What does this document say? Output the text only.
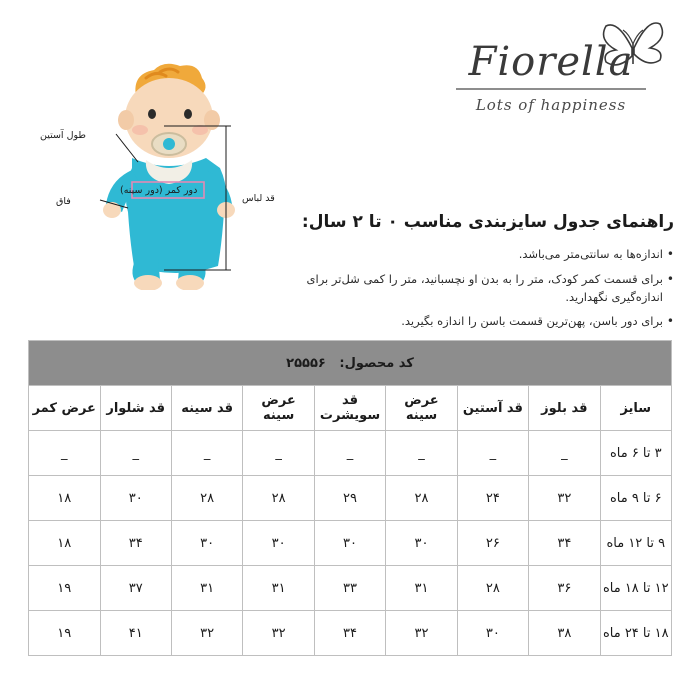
طول آستین
فاق
دور کمر (دور سینه)
قد لباس
Fiorella
Lots of happiness
راهنمای جدول سایزبندی مناسب ۰ تا ۲ سال:
• اندازه‌ها به سانتی‌متر می‌باشد.
• برای قسمت کمر کودک، متر را به بدن او نچسبانید، متر را کمی شل‌تر برای اندازه‌گیری نگهدارید.
• برای دور باسن، پهن‌ترین قسمت باسن را اندازه بگیرید.
کد محصول:   ۲۵۵۵۶								
سایز	قد بلوز	قد آستین	عرض سینه	قد سویشرت	عرض سینه	قد سینه	قد شلوار	عرض کمر
۳ تا ۶ ماه	_	_	_	_	_	_	_	_
۶ تا ۹ ماه	۳۲	۲۴	۲۸	۲۹	۲۸	۲۸	۳۰	۱۸
۹ تا ۱۲ ماه	۳۴	۲۶	۳۰	۳۰	۳۰	۳۰	۳۴	۱۸
۱۲ تا ۱۸ ماه	۳۶	۲۸	۳۱	۳۳	۳۱	۳۱	۳۷	۱۹
۱۸ تا ۲۴ ماه	۳۸	۳۰	۳۲	۳۴	۳۲	۳۲	۴۱	۱۹
